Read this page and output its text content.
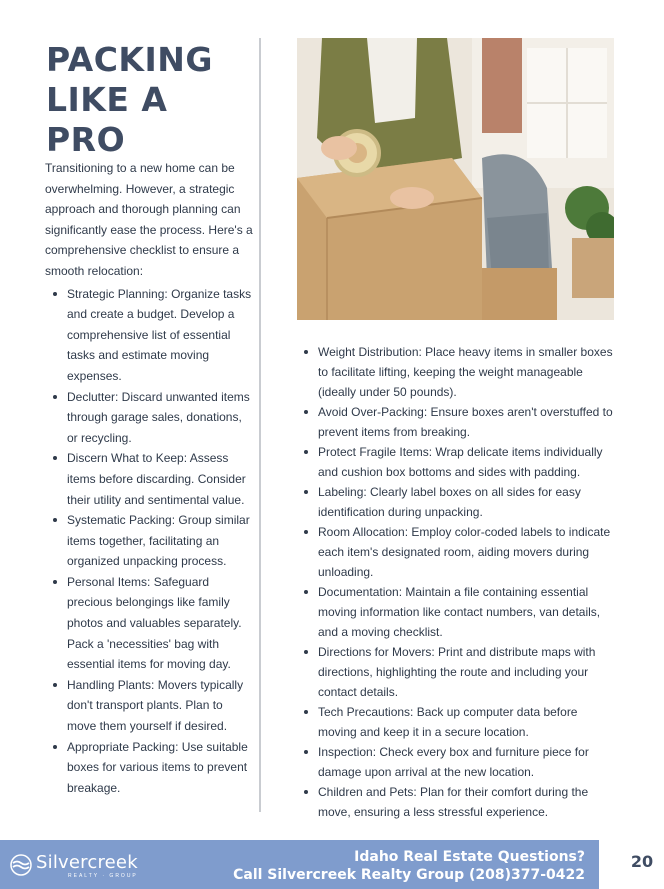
PACKING
LIKE A PRO

Transitioning to a new home can be overwhelming. However, a strategic approach and thorough planning can significantly ease the process. Here's a comprehensive checklist to ensure a smooth relocation:

Strategic Planning: Organize tasks and create a budget. Develop a comprehensive list of essential tasks and estimate moving expenses.
Declutter: Discard unwanted items through garage sales, donations, or recycling.
Discern What to Keep: Assess items before discarding. Consider their utility and sentimental value.
Systematic Packing: Group similar items together, facilitating an organized unpacking process.
Personal Items: Safeguard precious belongings like family photos and valuables separately. Pack a 'necessities' bag with essential items for moving day.
Handling Plants: Movers typically don't transport plants. Plan to move them yourself if desired.
Appropriate Packing: Use suitable boxes for various items to prevent breakage.
Weight Distribution: Place heavy items in smaller boxes to facilitate lifting, keeping the weight manageable (ideally under 50 pounds).
Avoid Over-Packing: Ensure boxes aren't overstuffed to prevent items from breaking.
Protect Fragile Items: Wrap delicate items individually and cushion box bottoms and sides with padding.
Labeling: Clearly label boxes on all sides for easy identification during unpacking.
Room Allocation: Employ color-coded labels to indicate each item's designated room, aiding movers during unloading.
Documentation: Maintain a file containing essential moving information like contact numbers, van details, and a moving checklist.
Directions for Movers: Print and distribute maps with directions, highlighting the route and including your contact details.
Tech Precautions: Back up computer data before moving and keep it in a secure location.
Inspection: Check every box and furniture piece for damage upon arrival at the new location.
Children and Pets: Plan for their comfort during the move, ensuring a less stressful experience.
Silvercreek
REALTY · GROUP
Idaho Real Estate Questions?
Call Silvercreek Realty Group (208)377-0422
20
